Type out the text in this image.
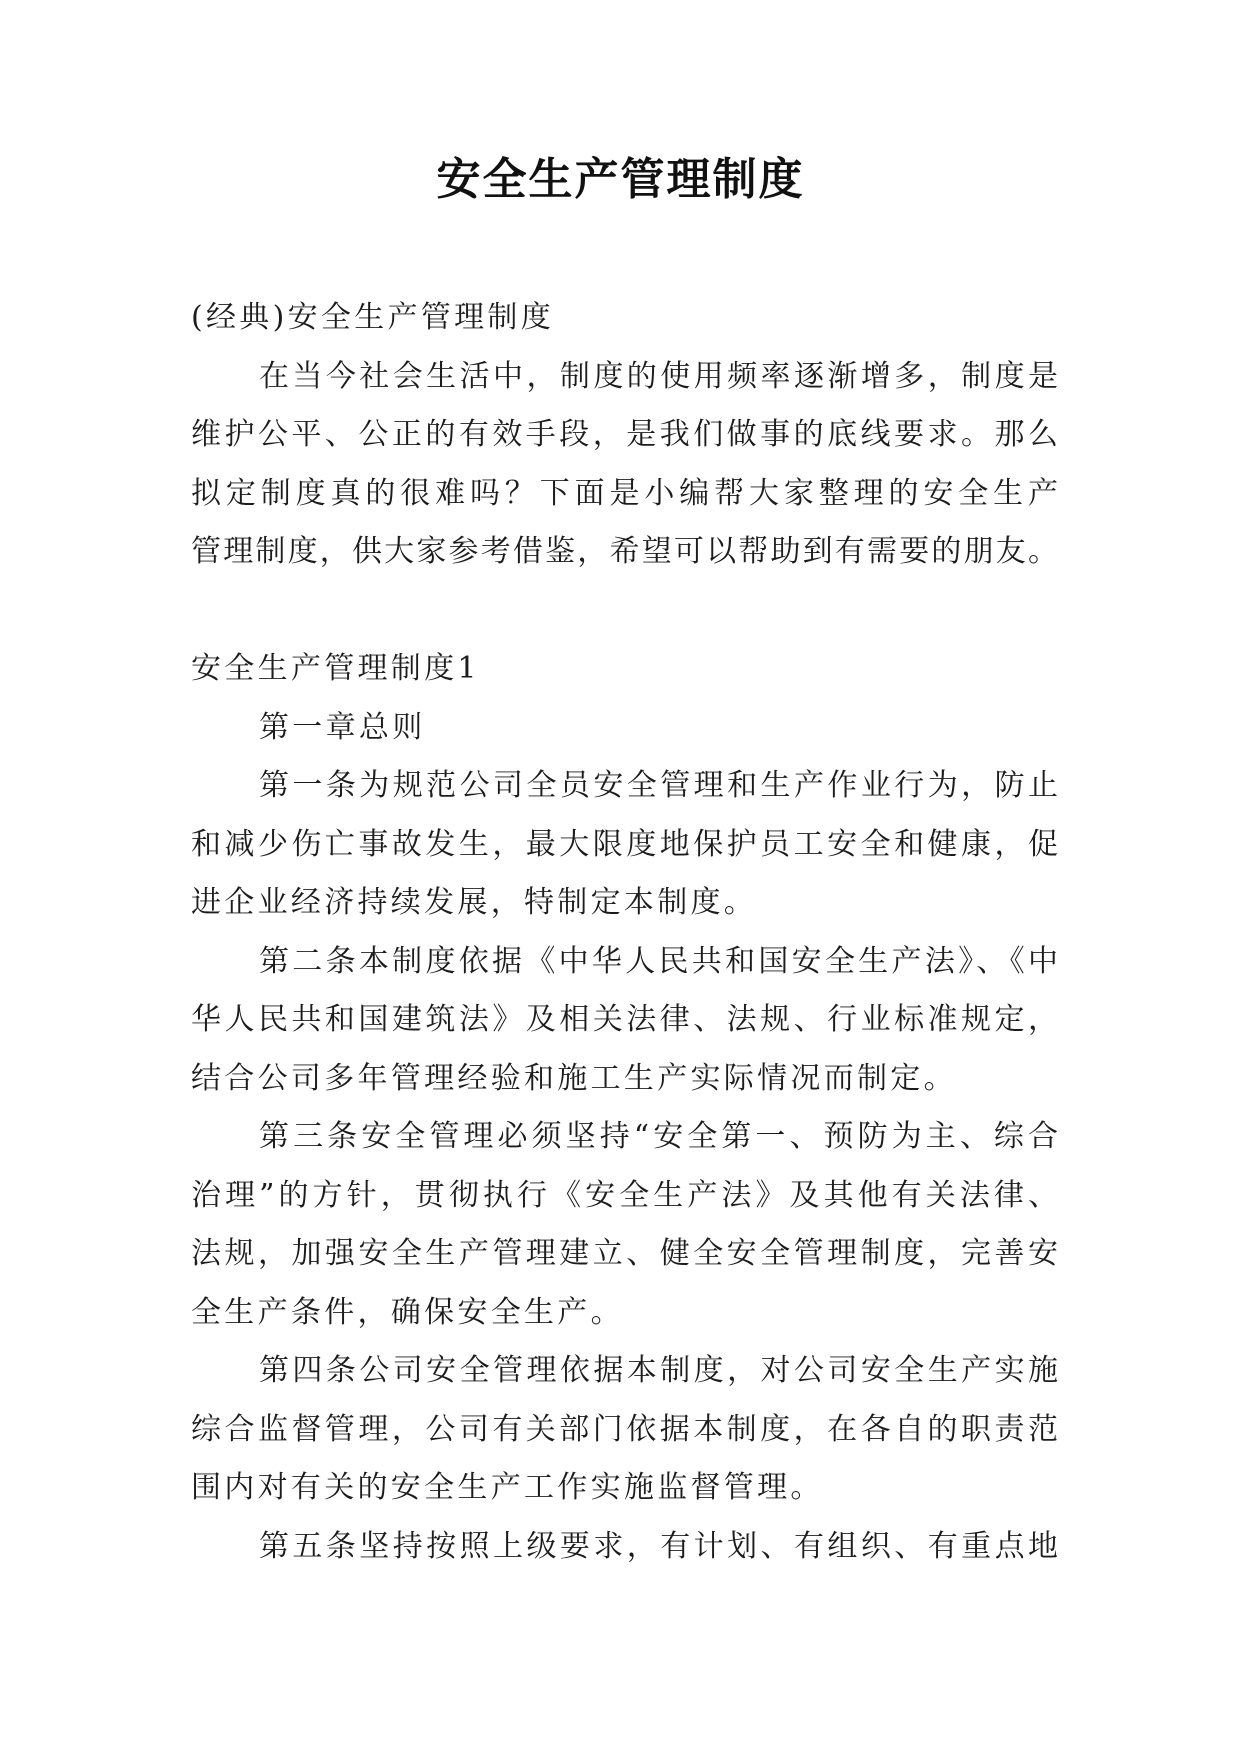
安全生产管理制度
(经典)安全生产管理制度
在当今社会生活中，制度的使用频率逐渐增多，制度是
维护公平、公正的有效手段，是我们做事的底线要求。那么
拟定制度真的很难吗？下面是小编帮大家整理的安全生产
管理制度，供大家参考借鉴，希望可以帮助到有需要的朋友。
安全生产管理制度1
第一章总则
第一条为规范公司全员安全管理和生产作业行为，防止
和减少伤亡事故发生，最大限度地保护员工安全和健康，促
进企业经济持续发展，特制定本制度。
第二条本制度依据《中华人民共和国安全生产法》、《中
华人民共和国建筑法》及相关法律、法规、行业标准规定，
结合公司多年管理经验和施工生产实际情况而制定。
第三条安全管理必须坚持“安全第一、预防为主、综合
治理”的方针，贯彻执行《安全生产法》及其他有关法律、
法规，加强安全生产管理建立、健全安全管理制度，完善安
全生产条件，确保安全生产。
第四条公司安全管理依据本制度，对公司安全生产实施
综合监督管理，公司有关部门依据本制度，在各自的职责范
围内对有关的安全生产工作实施监督管理。
第五条坚持按照上级要求，有计划、有组织、有重点地
